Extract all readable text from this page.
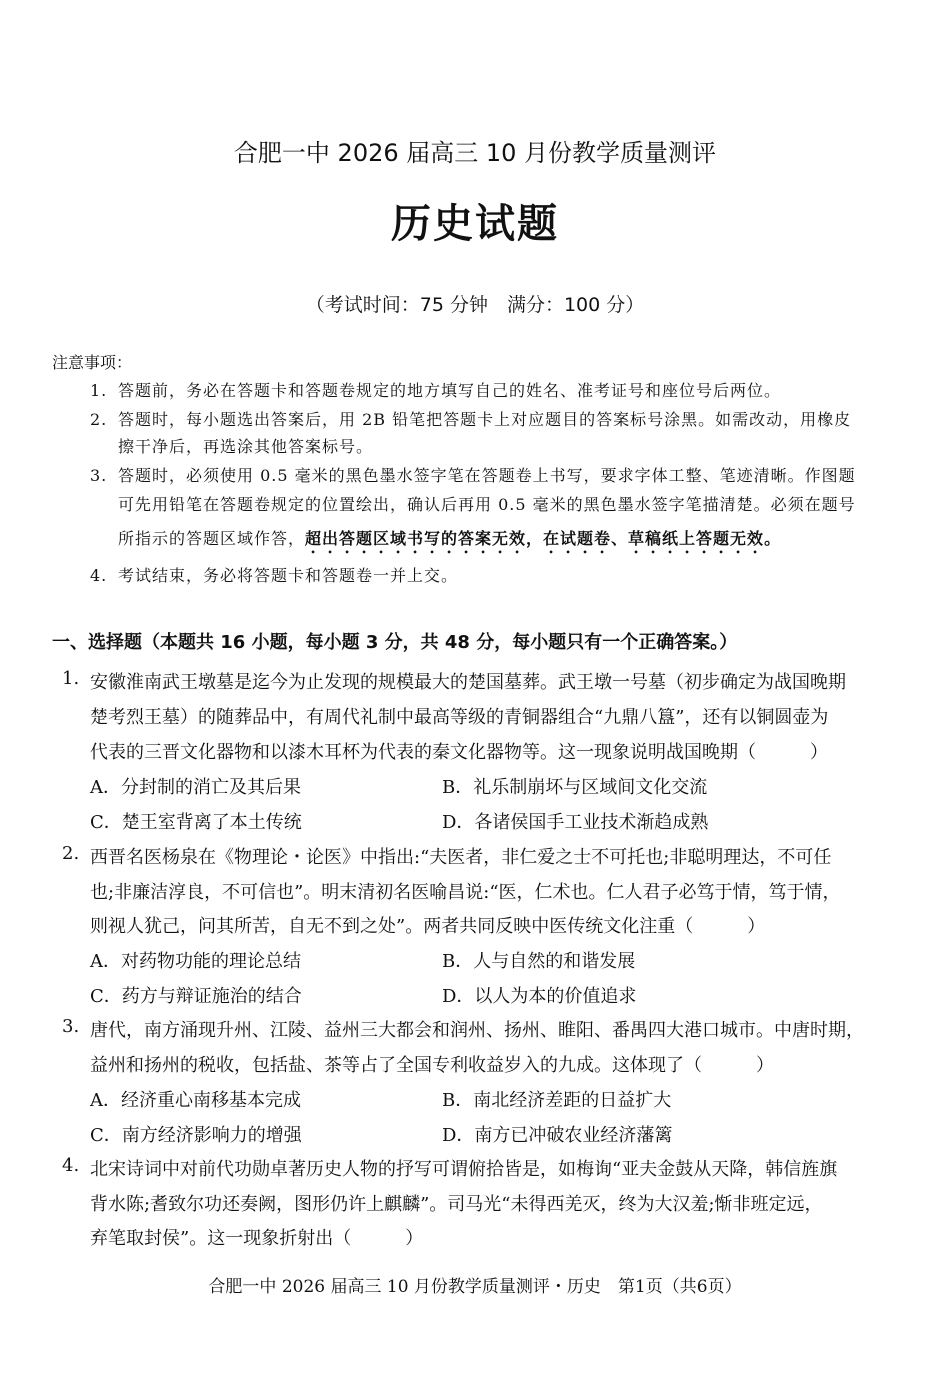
合肥一中 2026 届高三 10 月份教学质量测评
历史试题
（考试时间：75 分钟　满分：100 分）
注意事项：
1. 答题前，务必在答题卡和答题卷规定的地方填写自己的姓名、准考证号和座位号后两位。
2. 答题时，每小题选出答案后，用 2B 铅笔把答题卡上对应题目的答案标号涂黑。如需改动，用橡皮
擦干净后，再选涂其他答案标号。
3. 答题时，必须使用 0.5 毫米的黑色墨水签字笔在答题卷上书写，要求字体工整、笔迹清晰。作图题
可先用铅笔在答题卷规定的位置绘出，确认后再用 0.5 毫米的黑色墨水签字笔描清楚。必须在题号
所指示的答题区域作答，超出答题区域书写的答案无效，在试题卷、草稿纸上答题无效。
4. 考试结束，务必将答题卡和答题卷一并上交。
一、选择题（本题共 16 小题，每小题 3 分，共 48 分，每小题只有一个正确答案。）
1. 安徽淮南武王墩墓是迄今为止发现的规模最大的楚国墓葬。武王墩一号墓（初步确定为战国晚期
楚考烈王墓）的随葬品中，有周代礼制中最高等级的青铜器组合“九鼎八簋”，还有以铜圆壶为
代表的三晋文化器物和以漆木耳杯为代表的秦文化器物等。这一现象说明战国晚期（　　　）
A．分封制的消亡及其后果	B．礼乐制崩坏与区域间文化交流
C．楚王室背离了本土传统	D．各诸侯国手工业技术渐趋成熟
2. 西晋名医杨泉在《物理论・论医》中指出:“夫医者，非仁爱之士不可托也;非聪明理达，不可任
也;非廉洁淳良，不可信也”。明末清初名医喻昌说:“医，仁术也。仁人君子必笃于情，笃于情，
则视人犹己，问其所苦，自无不到之处”。两者共同反映中医传统文化注重（　　　）
A．对药物功能的理论总结	B．人与自然的和谐发展
C．药方与辩证施治的结合	D．以人为本的价值追求
3. 唐代，南方涌现升州、江陵、益州三大都会和润州、扬州、睢阳、番禺四大港口城市。中唐时期，
益州和扬州的税收，包括盐、茶等占了全国专利收益岁入的九成。这体现了（　　　）
A．经济重心南移基本完成	B．南北经济差距的日益扩大
C．南方经济影响力的增强	D．南方已冲破农业经济藩篱
4. 北宋诗词中对前代功勋卓著历史人物的抒写可谓俯拾皆是，如梅询“亚夫金鼓从天降，韩信旌旗
背水陈;耆致尔功还奏阙，图形仍许上麒麟”。司马光“未得西羌灭，终为大汉羞;惭非班定远，
弃笔取封侯”。这一现象折射出（　　　）
合肥一中 2026 届高三 10 月份教学质量测评・历史　第1页（共6页）
